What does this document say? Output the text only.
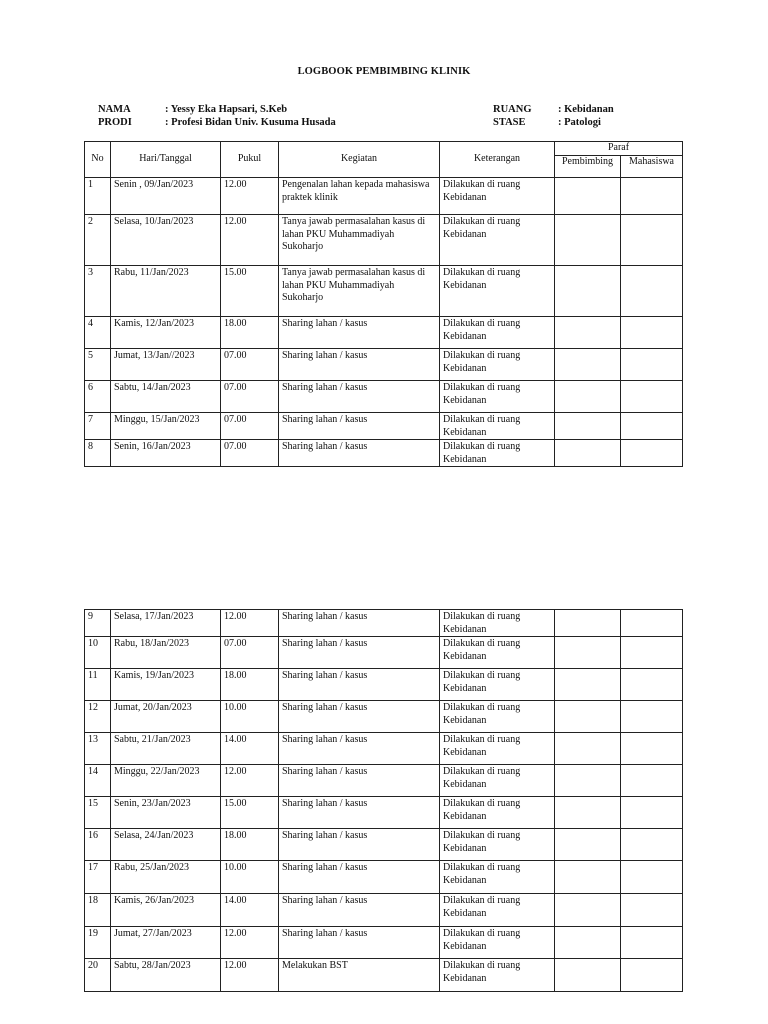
LOGBOOK PEMBIMBING KLINIK
NAMA	: Yessy Eka Hapsari, S.Keb
PRODI	: Profesi Bidan Univ. Kusuma Husada
RUANG	: Kebidanan
STASE	: Patologi
No	Hari/Tanggal	Pukul	Kegiatan	Keterangan	Paraf	
					Pembimbing	Mahasiswa
1	Senin , 09/Jan/2023	12.00	Pengenalan lahan kepada mahasiswa praktek klinik	Dilakukan di ruang Kebidanan		
2	Selasa, 10/Jan/2023	12.00	Tanya jawab permasalahan kasus di lahan PKU Muhammadiyah Sukoharjo	Dilakukan di ruang Kebidanan		
3	Rabu, 11/Jan/2023	15.00	Tanya jawab permasalahan kasus di lahan PKU Muhammadiyah Sukoharjo	Dilakukan di ruang Kebidanan		
4	Kamis, 12/Jan/2023	18.00	Sharing lahan / kasus	Dilakukan di ruang Kebidanan		
5	Jumat, 13/Jan//2023	07.00	Sharing lahan / kasus	Dilakukan di ruang Kebidanan		
6	Sabtu, 14/Jan/2023	07.00	Sharing lahan / kasus	Dilakukan di ruang Kebidanan		
7	Minggu, 15/Jan/2023	07.00	Sharing lahan / kasus	Dilakukan di ruang Kebidanan		
8	Senin, 16/Jan/2023	07.00	Sharing lahan / kasus	Dilakukan di ruang Kebidanan		
9	Selasa, 17/Jan/2023	12.00	Sharing lahan / kasus	Dilakukan di ruang Kebidanan		
10	Rabu, 18/Jan/2023	07.00	Sharing lahan / kasus	Dilakukan di ruang Kebidanan		
11	Kamis, 19/Jan/2023	18.00	Sharing lahan / kasus	Dilakukan di ruang Kebidanan		
12	Jumat, 20/Jan/2023	10.00	Sharing lahan / kasus	Dilakukan di ruang Kebidanan		
13	Sabtu, 21/Jan/2023	14.00	Sharing lahan / kasus	Dilakukan di ruang Kebidanan		
14	Minggu, 22/Jan/2023	12.00	Sharing lahan / kasus	Dilakukan di ruang Kebidanan		
15	Senin, 23/Jan/2023	15.00	Sharing lahan / kasus	Dilakukan di ruang Kebidanan		
16	Selasa, 24/Jan/2023	18.00	Sharing lahan / kasus	Dilakukan di ruang Kebidanan		
17	Rabu, 25/Jan/2023	10.00	Sharing lahan / kasus	Dilakukan di ruang Kebidanan		
18	Kamis, 26/Jan/2023	14.00	Sharing lahan / kasus	Dilakukan di ruang Kebidanan		
19	Jumat, 27/Jan/2023	12.00	Sharing lahan / kasus	Dilakukan di ruang Kebidanan		
20	Sabtu, 28/Jan/2023	12.00	Melakukan BST	Dilakukan di ruang Kebidanan		
